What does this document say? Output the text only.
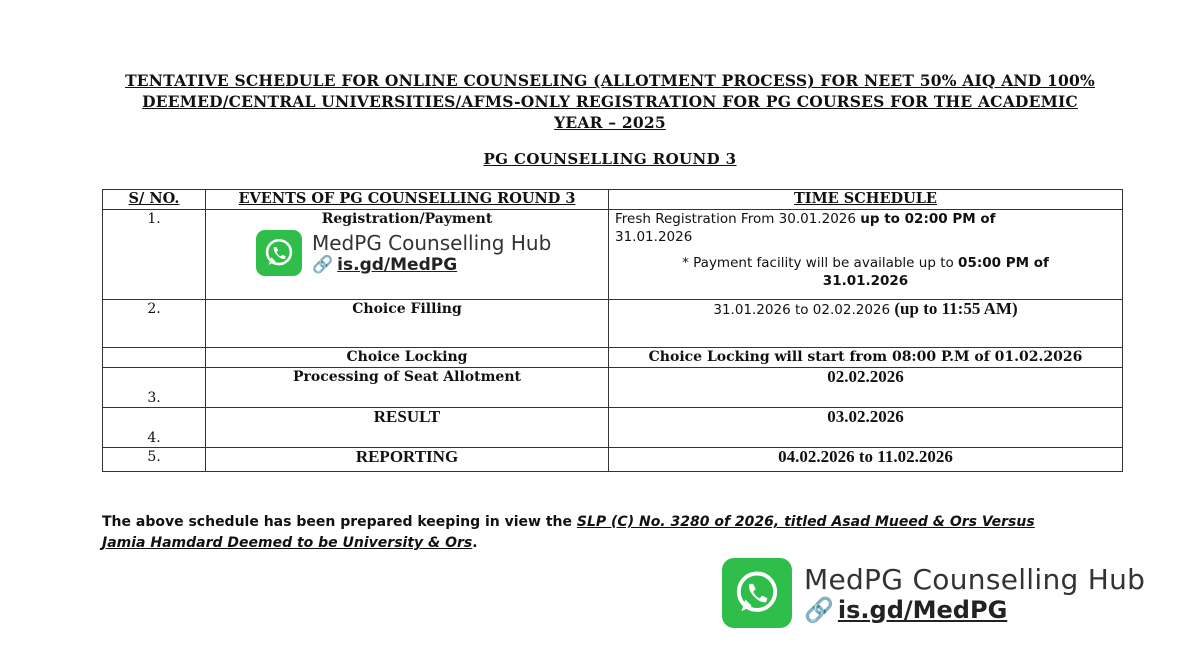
TENTATIVE SCHEDULE FOR ONLINE COUNSELING (ALLOTMENT PROCESS) FOR NEET 50% AIQ AND 100% DEEMED/CENTRAL UNIVERSITIES/AFMS-ONLY REGISTRATION FOR PG COURSES FOR THE ACADEMIC YEAR – 2025
PG COUNSELLING ROUND 3
S/ NO.	EVENTS OF PG COUNSELLING ROUND 3	TIME SCHEDULE
1.	Registration/Payment	Fresh Registration From 30.01.2026 up to 02:00 PM of
31.01.2026
* Payment facility will be available up to 05:00 PM of
31.01.2026

2.	Choice Filling	31.01.2026 to 02.02.2026 (up to 11:55 AM)
	Choice Locking	Choice Locking will start from 08:00 P.M of 01.02.2026
3.	Processing of Seat Allotment	02.02.2026
4.	RESULT	03.02.2026
5.	REPORTING	04.02.2026 to 11.02.2026
The above schedule has been prepared keeping in view the SLP (C) No. 3280 of 2026, titled Asad Mueed & Ors Versus Jamia Hamdard Deemed to be University & Ors.
MedPG Counselling Hub
🔗 is.gd/MedPG
MedPG Counselling Hub
🔗 is.gd/MedPG
